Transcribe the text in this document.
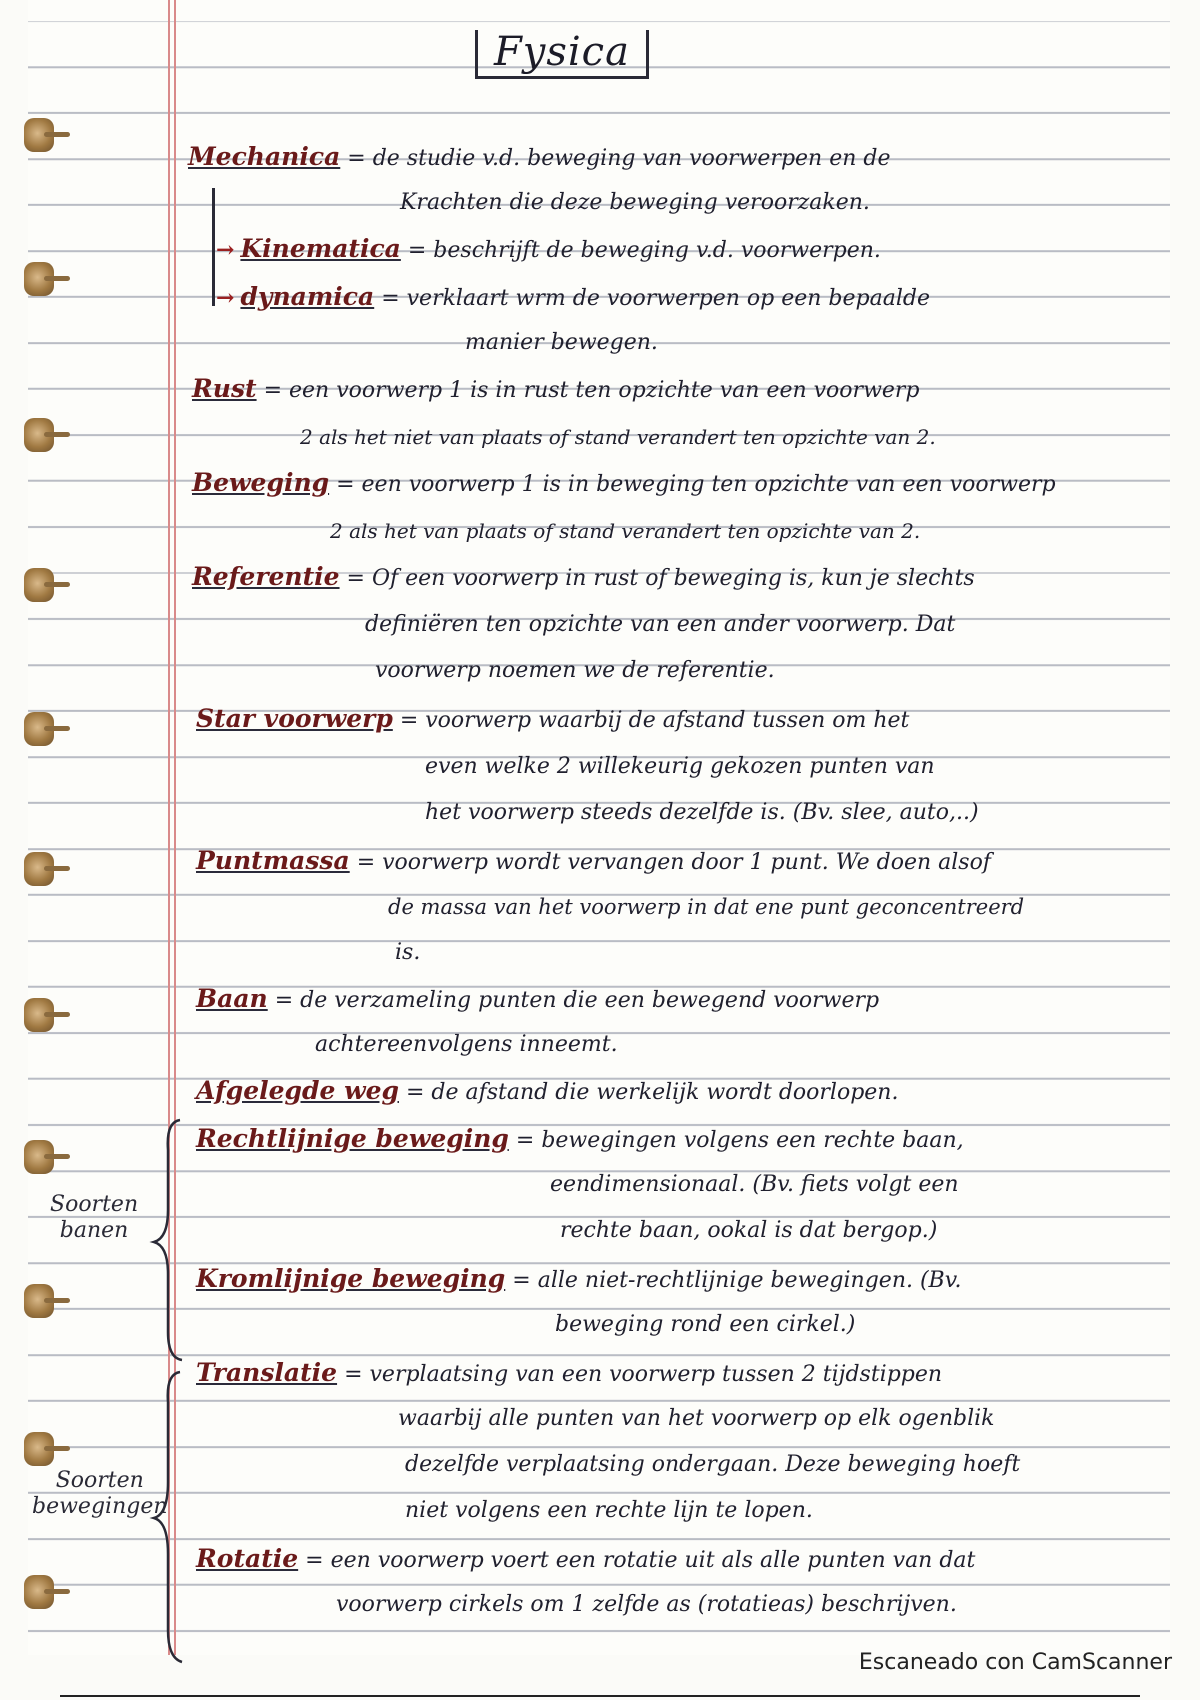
Fysica
Mechanica = de studie v.d. beweging van voorwerpen en de
Krachten die deze beweging veroorzaken.
→ Kinematica = beschrijft de beweging v.d. voorwerpen.
→ dynamica = verklaart wrm de voorwerpen op een bepaalde
manier bewegen.
Rust = een voorwerp 1 is in rust ten opzichte van een voorwerp
2 als het niet van plaats of stand verandert ten opzichte van 2.
Beweging = een voorwerp 1 is in beweging ten opzichte van een voorwerp
2 als het van plaats of stand verandert ten opzichte van 2.
Referentie = Of een voorwerp in rust of beweging is, kun je slechts
definiëren ten opzichte van een ander voorwerp. Dat
voorwerp noemen we de referentie.
Star voorwerp = voorwerp waarbij de afstand tussen om het
even welke 2 willekeurig gekozen punten van
het voorwerp steeds dezelfde is. (Bv. slee, auto,..)
Puntmassa = voorwerp wordt vervangen door 1 punt. We doen alsof
de massa van het voorwerp in dat ene punt geconcentreerd
is.
Baan = de verzameling punten die een bewegend voorwerp
achtereenvolgens inneemt.
Afgelegde weg = de afstand die werkelijk wordt doorlopen.
Rechtlijnige beweging = bewegingen volgens een rechte baan,
eendimensionaal. (Bv. fiets volgt een
rechte baan, ookal is dat bergop.)
Kromlijnige beweging = alle niet-rechtlijnige bewegingen. (Bv.
beweging rond een cirkel.)
Translatie = verplaatsing van een voorwerp tussen 2 tijdstippen
waarbij alle punten van het voorwerp op elk ogenblik
dezelfde verplaatsing ondergaan. Deze beweging hoeft
niet volgens een rechte lijn te lopen.
Rotatie = een voorwerp voert een rotatie uit als alle punten van dat
voorwerp cirkels om 1 zelfde as (rotatieas) beschrijven.
Soorten
banen
Soorten
bewegingen
Escaneado con CamScanner
